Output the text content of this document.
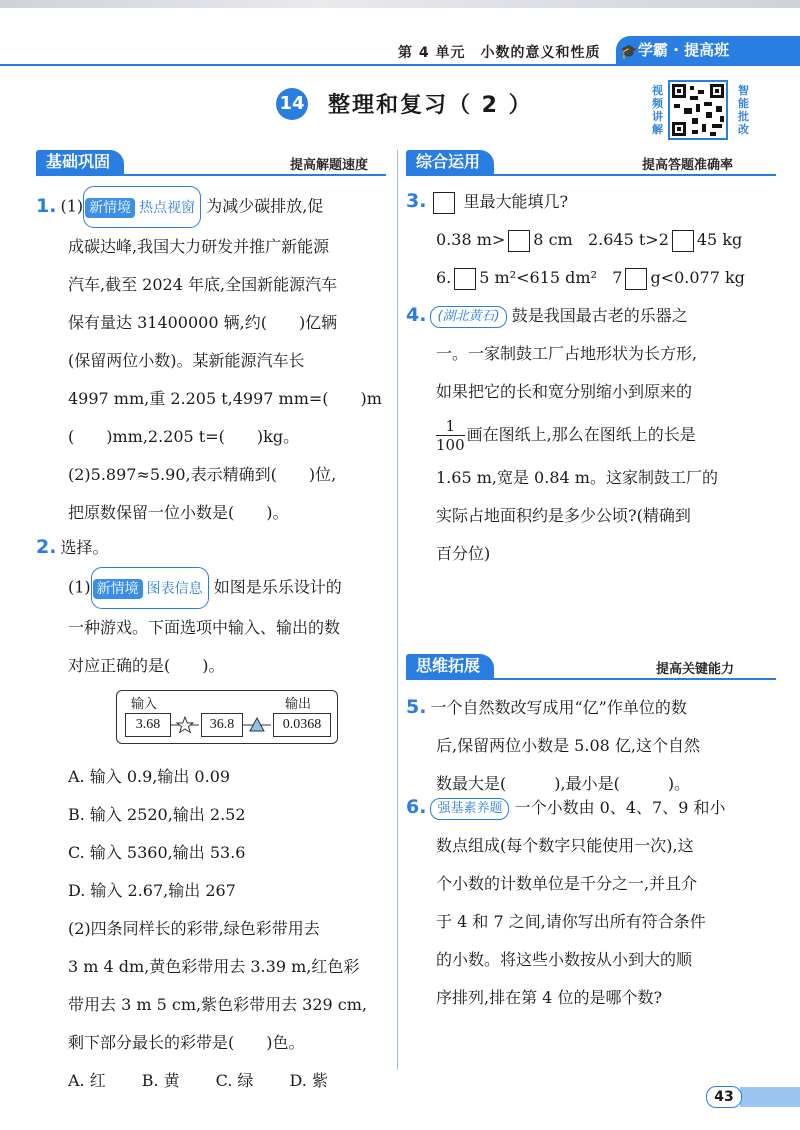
第 4 单元　小数的意义和性质 🎓 学霸 · 提高班
14 整理和复习（ 2 ）
视频讲解
智能批改
基础巩固	提高解题速度	综合运用	提高答题准确率
思维拓展	提高关键能力
1. (1) 新情境 热点视窗 为减少碳排放,促
成碳达峰,我国大力研发并推广新能源
汽车,截至 2024 年底,全国新能源汽车
保有量达 31400000 辆,约(　　)亿辆
(保留两位小数)。某新能源汽车长
4997 mm,重 2.205 t,4997 mm=(　　)m
(　　)mm,2.205 t=(　　)kg。
(2)5.897≈5.90,表示精确到(　　)位,
把原数保留一位小数是(　　)。
2. 选择。
(1) 新情境 图表信息 如图是乐乐设计的
一种游戏。下面选项中输入、输出的数
对应正确的是(　　)。
输入	输出
3.68	36.8	0.0368
A. 输入 0.9,输出 0.09
B. 输入 2520,输出 2.52
C. 输入 5360,输出 53.6
D. 输入 2.67,输出 267
(2)四条同样长的彩带,绿色彩带用去
3 m 4 dm,黄色彩带用去 3.39 m,红色彩
带用去 3 m 5 cm,紫色彩带用去 329 cm,
剩下部分最长的彩带是(　　)色。
A. 红 B. 黄 C. 绿 D. 紫
3. 里最大能填几?
0.38 m> 8 cm 2.645 t>2 45 kg
6. 5 m²<615 dm² 7 g<0.077 kg
4. (湖北黄石) 鼓是我国最古老的乐器之
一。一家制鼓工厂占地形状为长方形,
如果把它的长和宽分别缩小到原来的
$\frac{1}{100}$ 画在图纸上,那么在图纸上的长是
1.65 m,宽是 0.84 m。这家制鼓工厂的
实际占地面积约是多少公顷?(精确到
百分位)
5. 一个自然数改写成用“亿”作单位的数
后,保留两位小数是 5.08 亿,这个自然
数最大是(　　　),最小是(　　　)。
6. 强基素养题 一个小数由 0、4、7、9 和小
数点组成(每个数字只能使用一次),这
个小数的计数单位是千分之一,并且介
于 4 和 7 之间,请你写出所有符合条件
的小数。将这些小数按从小到大的顺
序排列,排在第 4 位的是哪个数?
43
